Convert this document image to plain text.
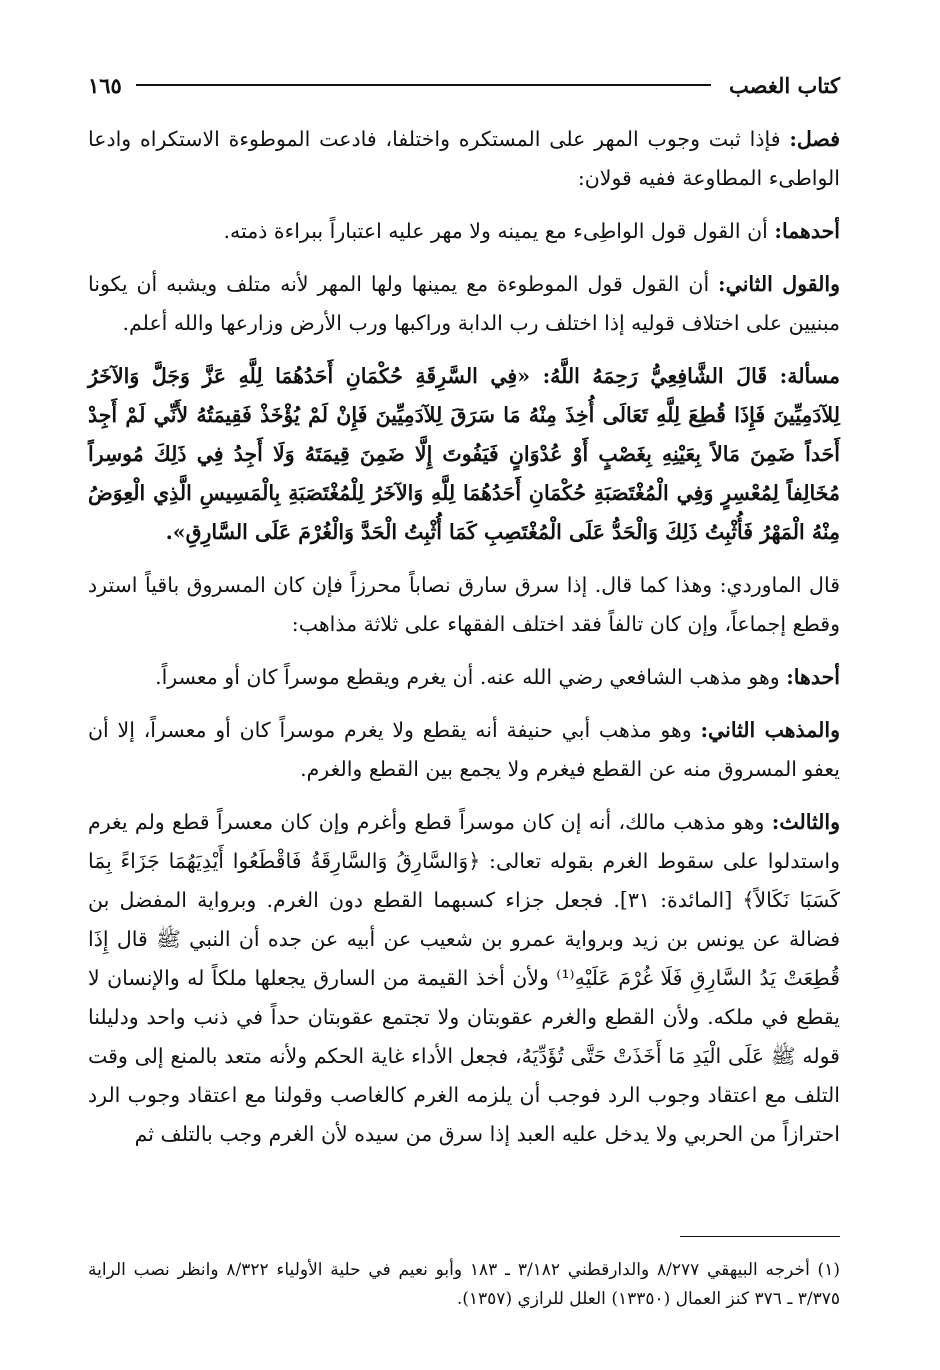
كتاب الغصب
١٦٥

فصل: فإذا ثبت وجوب المهر على المستكره واختلفا، فادعت الموطوءة الاستكراه وادعا الواطىء المطاوعة ففيه قولان:

أحدهما: أن القول قول الواطِىء مع يمينه ولا مهر عليه اعتباراً ببراءة ذمته.

والقول الثاني: أن القول قول الموطوءة مع يمينها ولها المهر لأنه متلف ويشبه أن يكونا مبنيين على اختلاف قوليه إذا اختلف رب الدابة وراكبها ورب الأرض وزارعها والله أعلم.

مسألة: قَالَ الشَّافِعِيُّ رَحِمَهُ اللَّهُ: «فِي السَّرِقَةِ حُكْمَانِ أَحَدُهُمَا لِلَّهِ عَزَّ وَجَلَّ وَالآخَرُ لِلآدَمِيِّينَ فَإِذَا قُطِعَ لِلَّهِ تَعَالَى أُخِذَ مِنْهُ مَا سَرَقَ لِلآدَمِيِّينَ فَإِنْ لَمْ يُؤْخَذْ فَقِيمَتُهُ لأَنِّي لَمْ أَجِدْ أَحَداً ضَمِنَ مَالاً بِعَيْنِهِ بِغَصْبٍ أَوْ عُدْوَانٍ فَيَفُوتَ إِلَّا ضَمِنَ قِيمَتَهُ وَلَا أَجِدُ فِي ذَلِكَ مُوسِراً مُخَالِفاً لِمُعْسِرٍ وَفِي الْمُغْتَصَبَةِ حُكْمَانِ أَحَدُهُمَا لِلَّهِ وَالآخَرُ لِلْمُغْتَصَبَةِ بِالْمَسِيسِ الَّذِي الْعِوَضُ مِنْهُ الْمَهْرُ فَأُثْبِتُ ذَلِكَ وَالْحَدُّ عَلَى الْمُغْتَصِبِ كَمَا أُثْبِتُ الْحَدَّ وَالْغُرْمَ عَلَى السَّارِقِ».

قال الماوردي: وهذا كما قال. إذا سرق سارق نصاباً محرزاً فإن كان المسروق باقياً استرد وقطع إجماعاً، وإن كان تالفاً فقد اختلف الفقهاء على ثلاثة مذاهب:

أحدها: وهو مذهب الشافعي رضي الله عنه. أن يغرم ويقطع موسراً كان أو معسراً.

والمذهب الثاني: وهو مذهب أبي حنيفة أنه يقطع ولا يغرم موسراً كان أو معسراً، إلا أن يعفو المسروق منه عن القطع فيغرم ولا يجمع بين القطع والغرم.

والثالث: وهو مذهب مالك، أنه إن كان موسراً قطع وأغرم وإن كان معسراً قطع ولم يغرم واستدلوا على سقوط الغرم بقوله تعالى: ﴿وَالسَّارِقُ وَالسَّارِقَةُ فَاقْطَعُوا أَيْدِيَهُمَا جَزَاءً بِمَا كَسَبَا نَكَالاً﴾ [المائدة: ٣١]. فجعل جزاء كسبهما القطع دون الغرم. وبرواية المفضل بن فضالة عن يونس بن زيد وبرواية عمرو بن شعيب عن أبيه عن جده أن النبي ﷺ قال إِذَا قُطِعَتْ يَدُ السَّارِقِ فَلَا غُرْمَ عَلَيْهِ⁽¹⁾ ولأن أخذ القيمة من السارق يجعلها ملكاً له والإنسان لا يقطع في ملكه. ولأن القطع والغرم عقوبتان ولا تجتمع عقوبتان حداً في ذنب واحد ودليلنا قوله ﷺ عَلَى الْيَدِ مَا أَخَذَتْ حَتَّى تُؤَدِّيَهُ، فجعل الأداء غاية الحكم ولأنه متعد بالمنع إلى وقت التلف مع اعتقاد وجوب الرد فوجب أن يلزمه الغرم كالغاصب وقولنا مع اعتقاد وجوب الرد احترازاً من الحربي ولا يدخل عليه العبد إذا سرق من سيده لأن الغرم وجب بالتلف ثم

(١) أخرجه البيهقي ٨/٢٧٧ والدارقطني ٣/١٨٢ ـ ١٨٣ وأبو نعيم في حلية الأولياء ٨/٣٢٢ وانظر نصب الراية ٣/٣٧٥ ـ ٣٧٦ كنز العمال (١٣٣٥٠) العلل للرازي (١٣٥٧).
